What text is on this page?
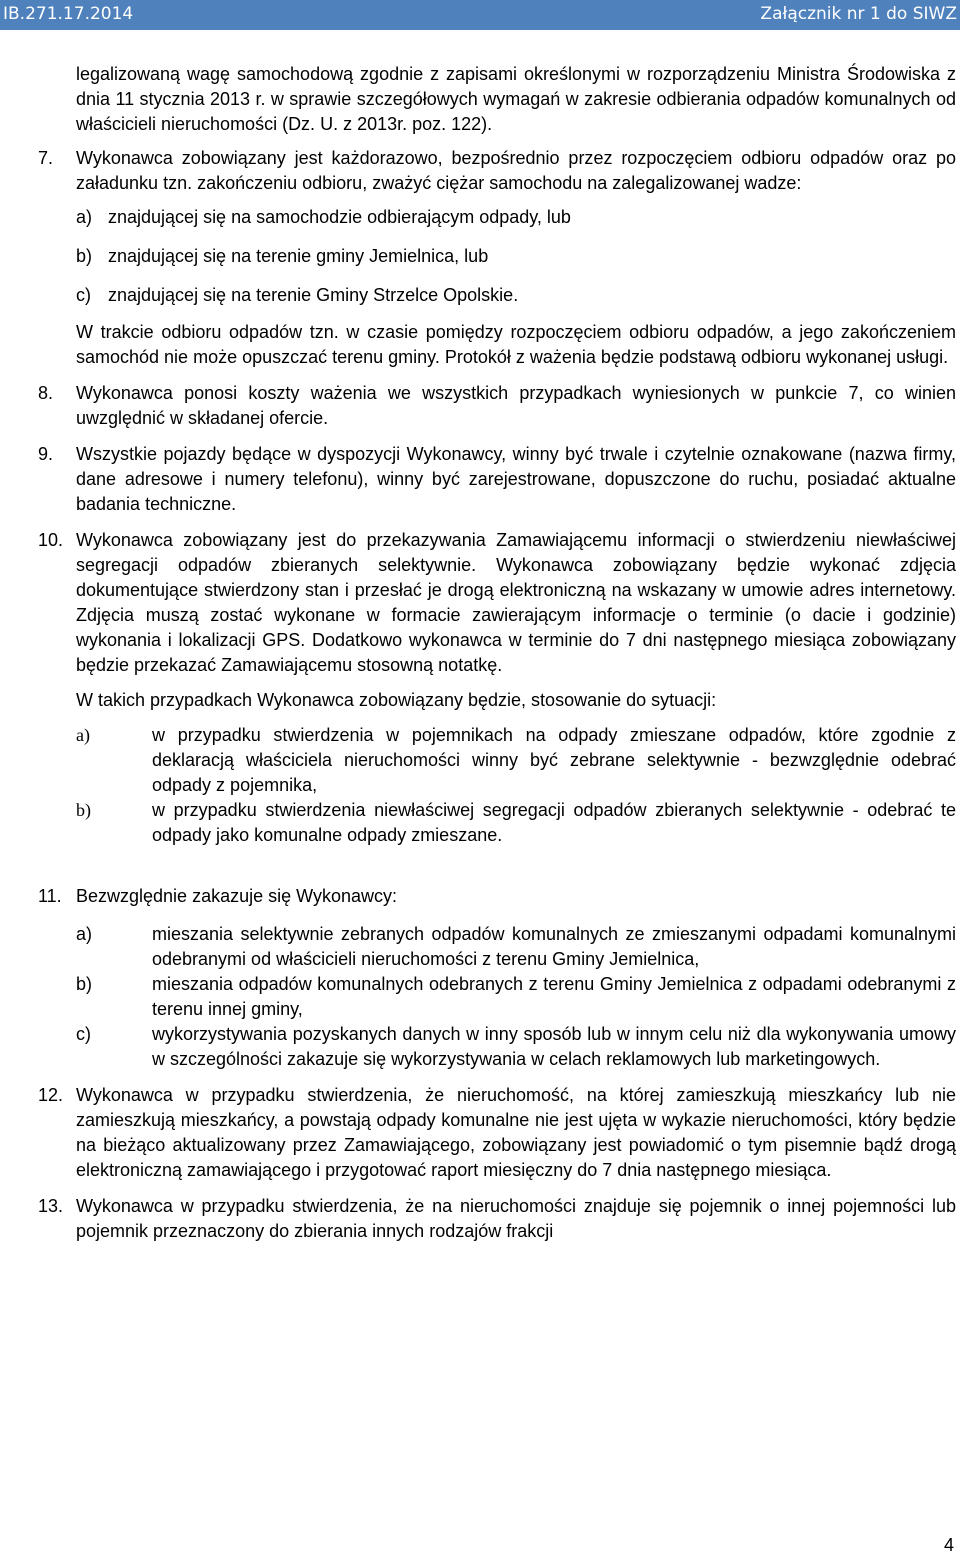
IB.271.17.2014	Załącznik nr 1 do SIWZ

legalizowaną wagę samochodową zgodnie z zapisami określonymi w rozporządzeniu Ministra Środowiska z dnia 11 stycznia 2013 r. w sprawie szczegółowych wymagań w zakresie odbierania odpadów komunalnych od właścicieli nieruchomości (Dz. U. z 2013r. poz. 122).

7.	Wykonawca zobowiązany jest każdorazowo, bezpośrednio przez rozpoczęciem odbioru odpadów oraz po załadunku tzn. zakończeniu odbioru, zważyć ciężar samochodu na zalegalizowanej wadze:
a) znajdującej się na samochodzie odbierającym odpady, lub
b) znajdującej się na terenie gminy Jemielnica, lub
c) znajdującej się na terenie Gminy Strzelce Opolskie.

W trakcie odbioru odpadów tzn. w czasie pomiędzy rozpoczęciem odbioru odpadów, a jego zakończeniem samochód nie może opuszczać terenu gminy. Protokół z ważenia będzie podstawą odbioru wykonanej usługi.

8.	Wykonawca ponosi koszty ważenia we wszystkich przypadkach wyniesionych w punkcie 7, co winien uwzględnić w składanej ofercie.
9.	Wszystkie pojazdy będące w dyspozycji Wykonawcy, winny być trwale i czytelnie oznakowane (nazwa firmy, dane adresowe i numery telefonu), winny być zarejestrowane, dopuszczone do ruchu, posiadać aktualne badania techniczne.
10. Wykonawca zobowiązany jest do przekazywania Zamawiającemu informacji o stwierdzeniu niewłaściwej segregacji odpadów zbieranych selektywnie. Wykonawca zobowiązany będzie wykonać zdjęcia dokumentujące stwierdzony stan i przesłać je drogą elektroniczną na wskazany w umowie adres internetowy. Zdjęcia muszą zostać wykonane w formacie zawierającym informacje o terminie (o dacie i godzinie) wykonania i lokalizacji GPS. Dodatkowo wykonawca w terminie do 7 dni następnego miesiąca zobowiązany będzie przekazać Zamawiającemu stosowną notatkę.

W takich przypadkach Wykonawca zobowiązany będzie, stosowanie do sytuacji:

a)	w przypadku stwierdzenia w pojemnikach na odpady zmieszane odpadów, które zgodnie z deklaracją właściciela nieruchomości winny być zebrane selektywnie - bezwzględnie odebrać odpady z pojemnika,
b)	w przypadku stwierdzenia niewłaściwej segregacji odpadów zbieranych selektywnie - odebrać te odpady jako komunalne odpady zmieszane.
11. Bezwzględnie zakazuje się Wykonawcy:
a)	mieszania selektywnie zebranych odpadów komunalnych ze zmieszanymi odpadami komunalnymi odebranymi od właścicieli nieruchomości z terenu Gminy Jemielnica,
b)	mieszania odpadów komunalnych odebranych z terenu Gminy Jemielnica z odpadami odebranymi z terenu innej gminy,
c)	wykorzystywania pozyskanych danych w inny sposób lub w innym celu niż dla wykonywania umowy w szczególności zakazuje się wykorzystywania w celach reklamowych lub marketingowych.
12. Wykonawca w przypadku stwierdzenia, że nieruchomość, na której zamieszkują mieszkańcy lub nie zamieszkują mieszkańcy, a powstają odpady komunalne nie jest ujęta w wykazie nieruchomości, który będzie na bieżąco aktualizowany przez Zamawiającego, zobowiązany jest powiadomić o tym pisemnie bądź drogą elektroniczną zamawiającego i przygotować raport miesięczny do 7 dnia następnego miesiąca.
13. Wykonawca w przypadku stwierdzenia, że na nieruchomości znajduje się pojemnik o innej pojemności lub pojemnik przeznaczony do zbierania innych rodzajów frakcji
4
